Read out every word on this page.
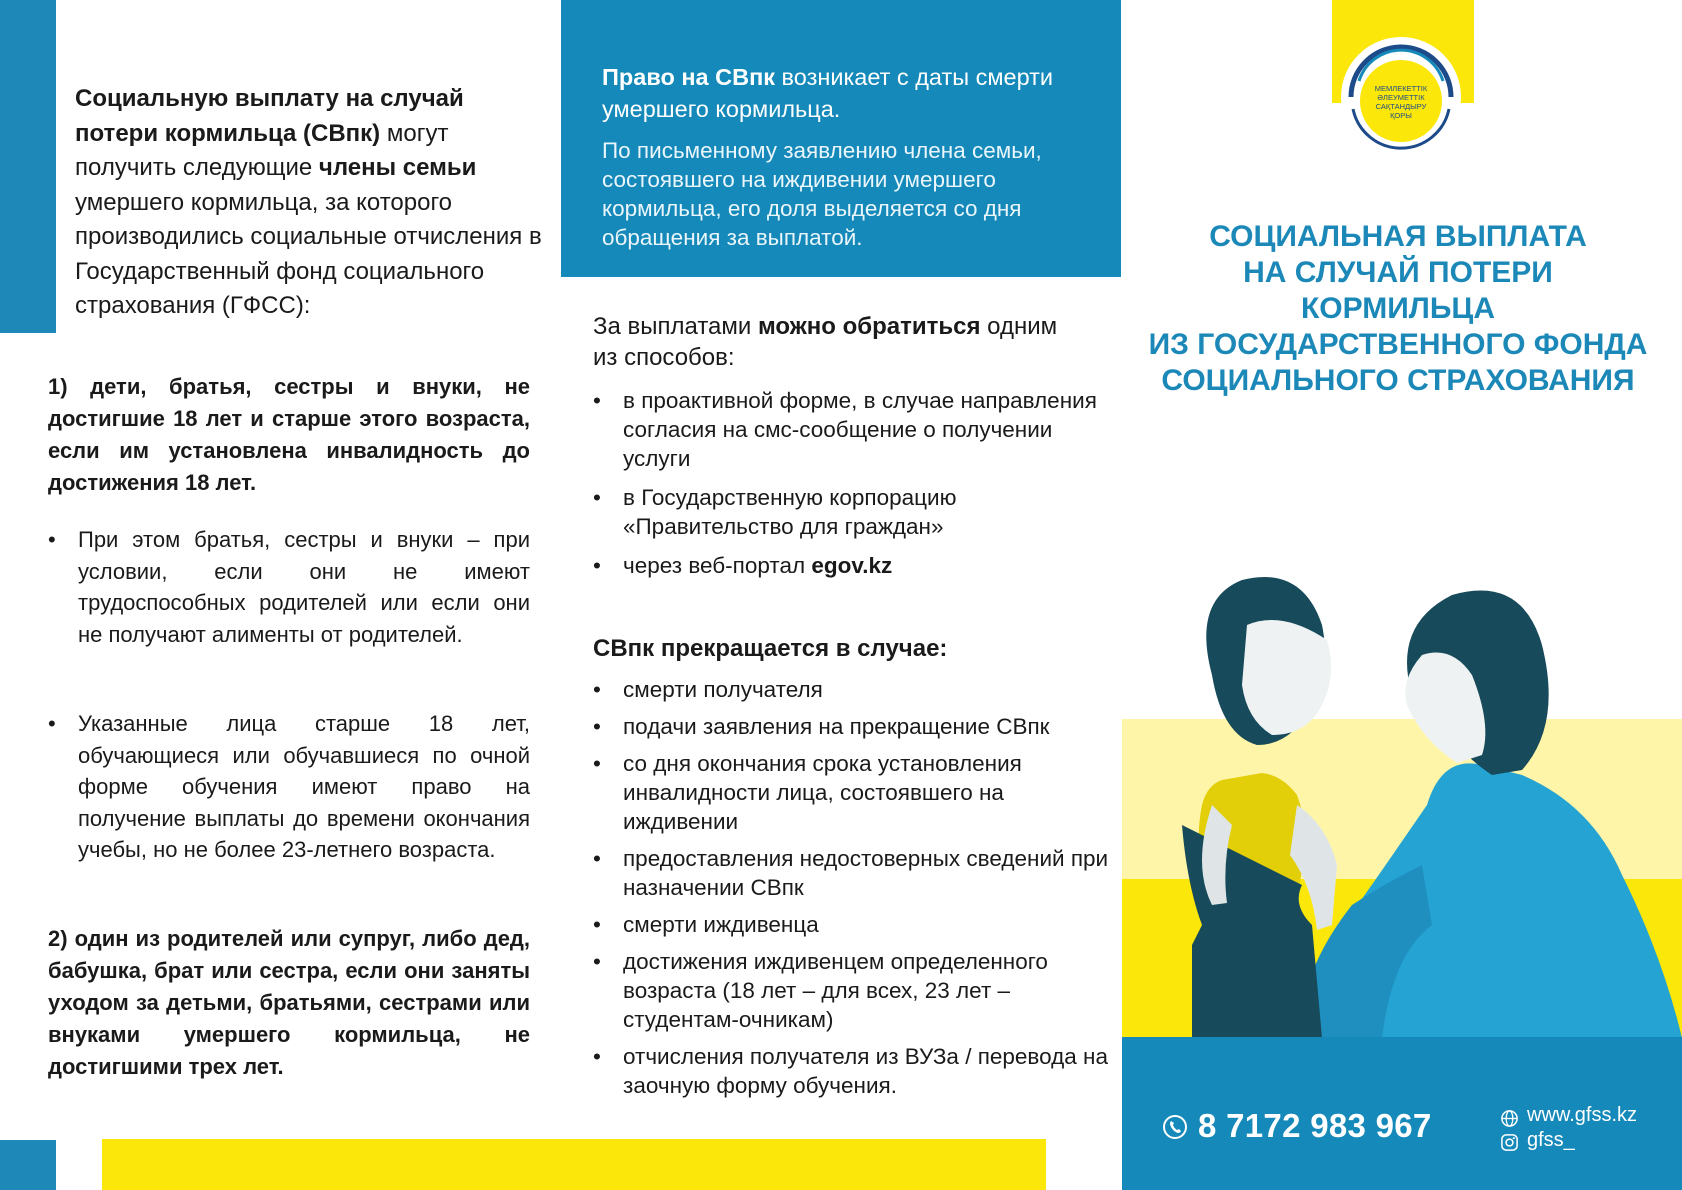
Социальную выплату на случай потери кормильца (СВпк) могут получить следующие члены семьи умершего кормильца, за которого производились социальные отчисления в Государственный фонд социального страхования (ГФСС):
1) дети, братья, сестры и внуки, не достигшие 18 лет и старше этого возраста, если им установлена инвалидность до достижения 18 лет.
• При этом братья, сестры и внуки – при условии, если они не имеют трудоспособных родителей или если они не получают алименты от родителей.
• Указанные лица старше 18 лет, обучающиеся или обучавшиеся по очной форме обучения имеют право на получение выплаты до времени окончания учебы, но не более 23-летнего возраста.
2) один из родителей или супруг, либо дед, бабушка, брат или сестра, если они заняты уходом за детьми, братьями, сестрами или внуками умершего кормильца, не достигшими трех лет.
Право на СВпк возникает с даты смерти умершего кормильца.
По письменному заявлению члена семьи, состоявшего на иждивении умершего кормильца, его доля выделяется со дня обращения за выплатой.
За выплатами можно обратиться одним из способов:
• в проактивной форме, в случае направления согласия на смс-сообщение о получении услуги
• в Государственную корпорацию «Правительство для граждан»
• через веб-портал egov.kz
СВпк прекращается в случае:
• смерти получателя
• подачи заявления на прекращение СВпк
• со дня окончания срока установления инвалидности лица, состоявшего на иждивении
• предоставления недостоверных сведений при назначении СВпк
• смерти иждивенца
• достижения иждивенцем определенного возраста (18 лет – для всех, 23 лет – студентам-очникам)
• отчисления получателя из ВУЗа / перевода на заочную форму обучения.
МЕМЛЕКЕТТІК
ӘЛЕУМЕТТІК
САҚТАНДЫРУ
ҚОРЫ
СОЦИАЛЬНАЯ ВЫПЛАТА
НА СЛУЧАЙ ПОТЕРИ
КОРМИЛЬЦА
ИЗ ГОСУДАРСТВЕННОГО ФОНДА
СОЦИАЛЬНОГО СТРАХОВАНИЯ
8 7172 983 967	www.gfss.kz
gfss_
